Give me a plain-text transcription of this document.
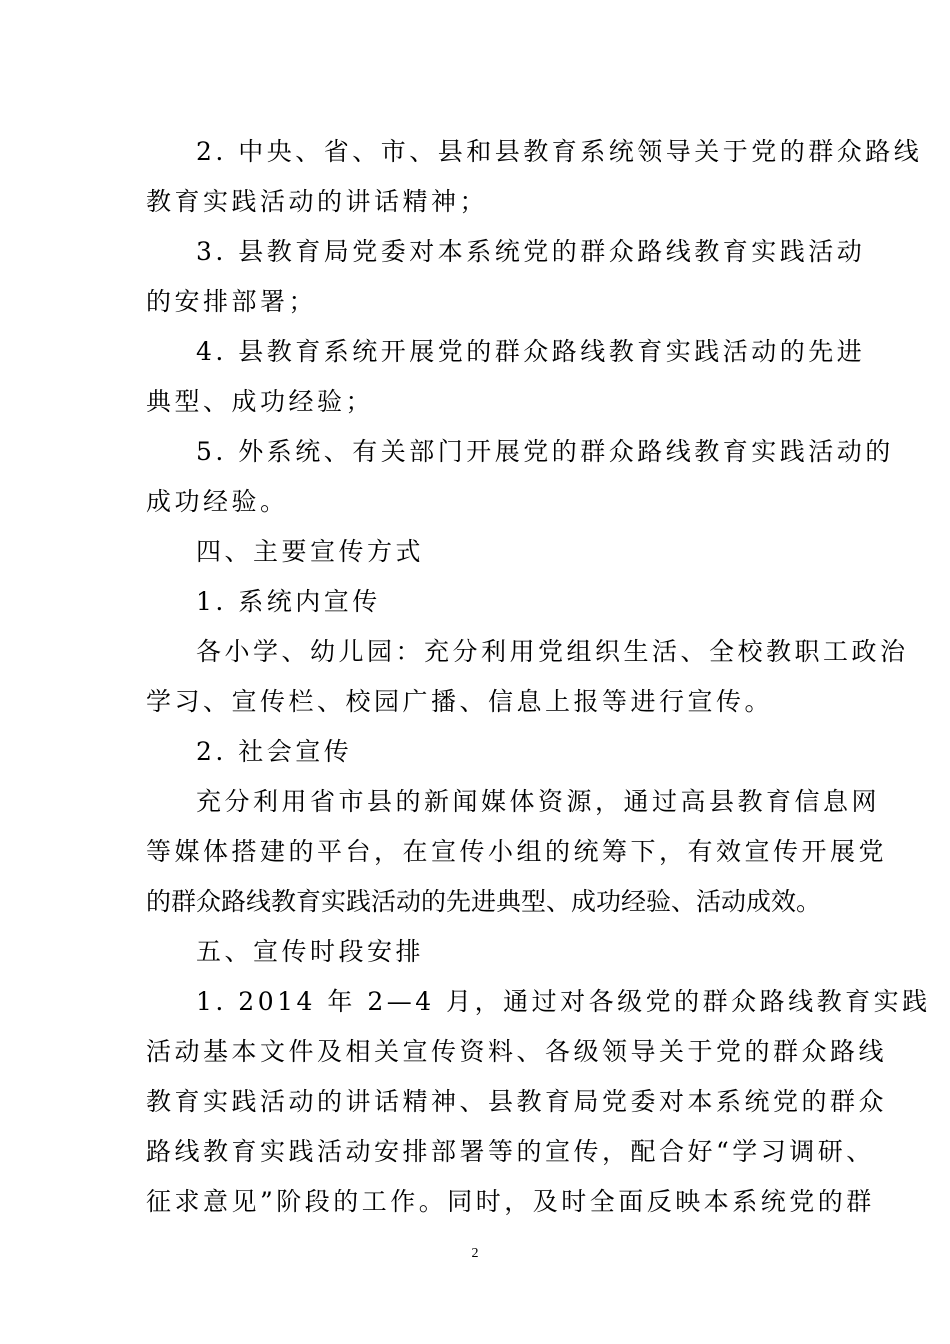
2. 中央、省、市、县和县教育系统领导关于党的群众路线
教育实践活动的讲话精神；
3. 县教育局党委对本系统党的群众路线教育实践活动
的安排部署；
4. 县教育系统开展党的群众路线教育实践活动的先进
典型、成功经验；
5. 外系统、有关部门开展党的群众路线教育实践活动的
成功经验。
四、主要宣传方式
1. 系统内宣传
各小学、幼儿园：充分利用党组织生活、全校教职工政治
学习、宣传栏、校园广播、信息上报等进行宣传。
2. 社会宣传
充分利用省市县的新闻媒体资源，通过高县教育信息网
等媒体搭建的平台，在宣传小组的统筹下，有效宣传开展党
的群众路线教育实践活动的先进典型、成功经验、活动成效。
五、宣传时段安排
1. 2014 年 2—4 月，通过对各级党的群众路线教育实践
活动基本文件及相关宣传资料、各级领导关于党的群众路线
教育实践活动的讲话精神、县教育局党委对本系统党的群众
路线教育实践活动安排部署等的宣传，配合好“学习调研、
征求意见”阶段的工作。同时，及时全面反映本系统党的群
2
